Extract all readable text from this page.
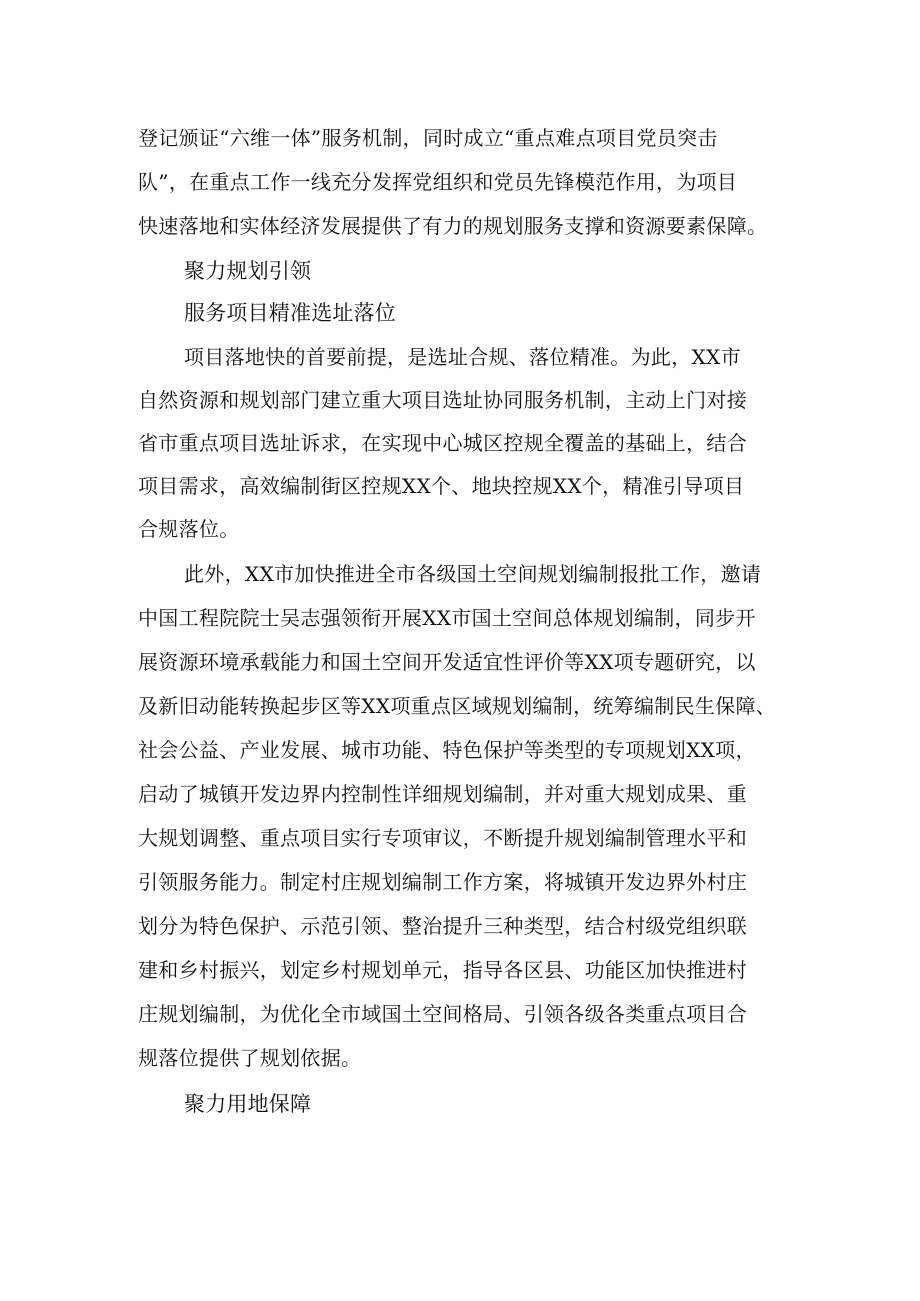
登记颁证“六维一体”服务机制，同时成立“重点难点项目党员突击
队”，在重点工作一线充分发挥党组织和党员先锋模范作用，为项目
快速落地和实体经济发展提供了有力的规划服务支撑和资源要素保障。
聚力规划引领
服务项目精准选址落位
项目落地快的首要前提，是选址合规、落位精准。为此，XX市
自然资源和规划部门建立重大项目选址协同服务机制，主动上门对接
省市重点项目选址诉求，在实现中心城区控规全覆盖的基础上，结合
项目需求，高效编制街区控规XX个、地块控规XX个，精准引导项目
合规落位。
此外，XX市加快推进全市各级国土空间规划编制报批工作，邀请
中国工程院院士吴志强领衔开展XX市国土空间总体规划编制，同步开
展资源环境承载能力和国土空间开发适宜性评价等XX项专题研究，以
及新旧动能转换起步区等XX项重点区域规划编制，统筹编制民生保障、
社会公益、产业发展、城市功能、特色保护等类型的专项规划XX项，
启动了城镇开发边界内控制性详细规划编制，并对重大规划成果、重
大规划调整、重点项目实行专项审议，不断提升规划编制管理水平和
引领服务能力。制定村庄规划编制工作方案，将城镇开发边界外村庄
划分为特色保护、示范引领、整治提升三种类型，结合村级党组织联
建和乡村振兴，划定乡村规划单元，指导各区县、功能区加快推进村
庄规划编制，为优化全市域国土空间格局、引领各级各类重点项目合
规落位提供了规划依据。
聚力用地保障
